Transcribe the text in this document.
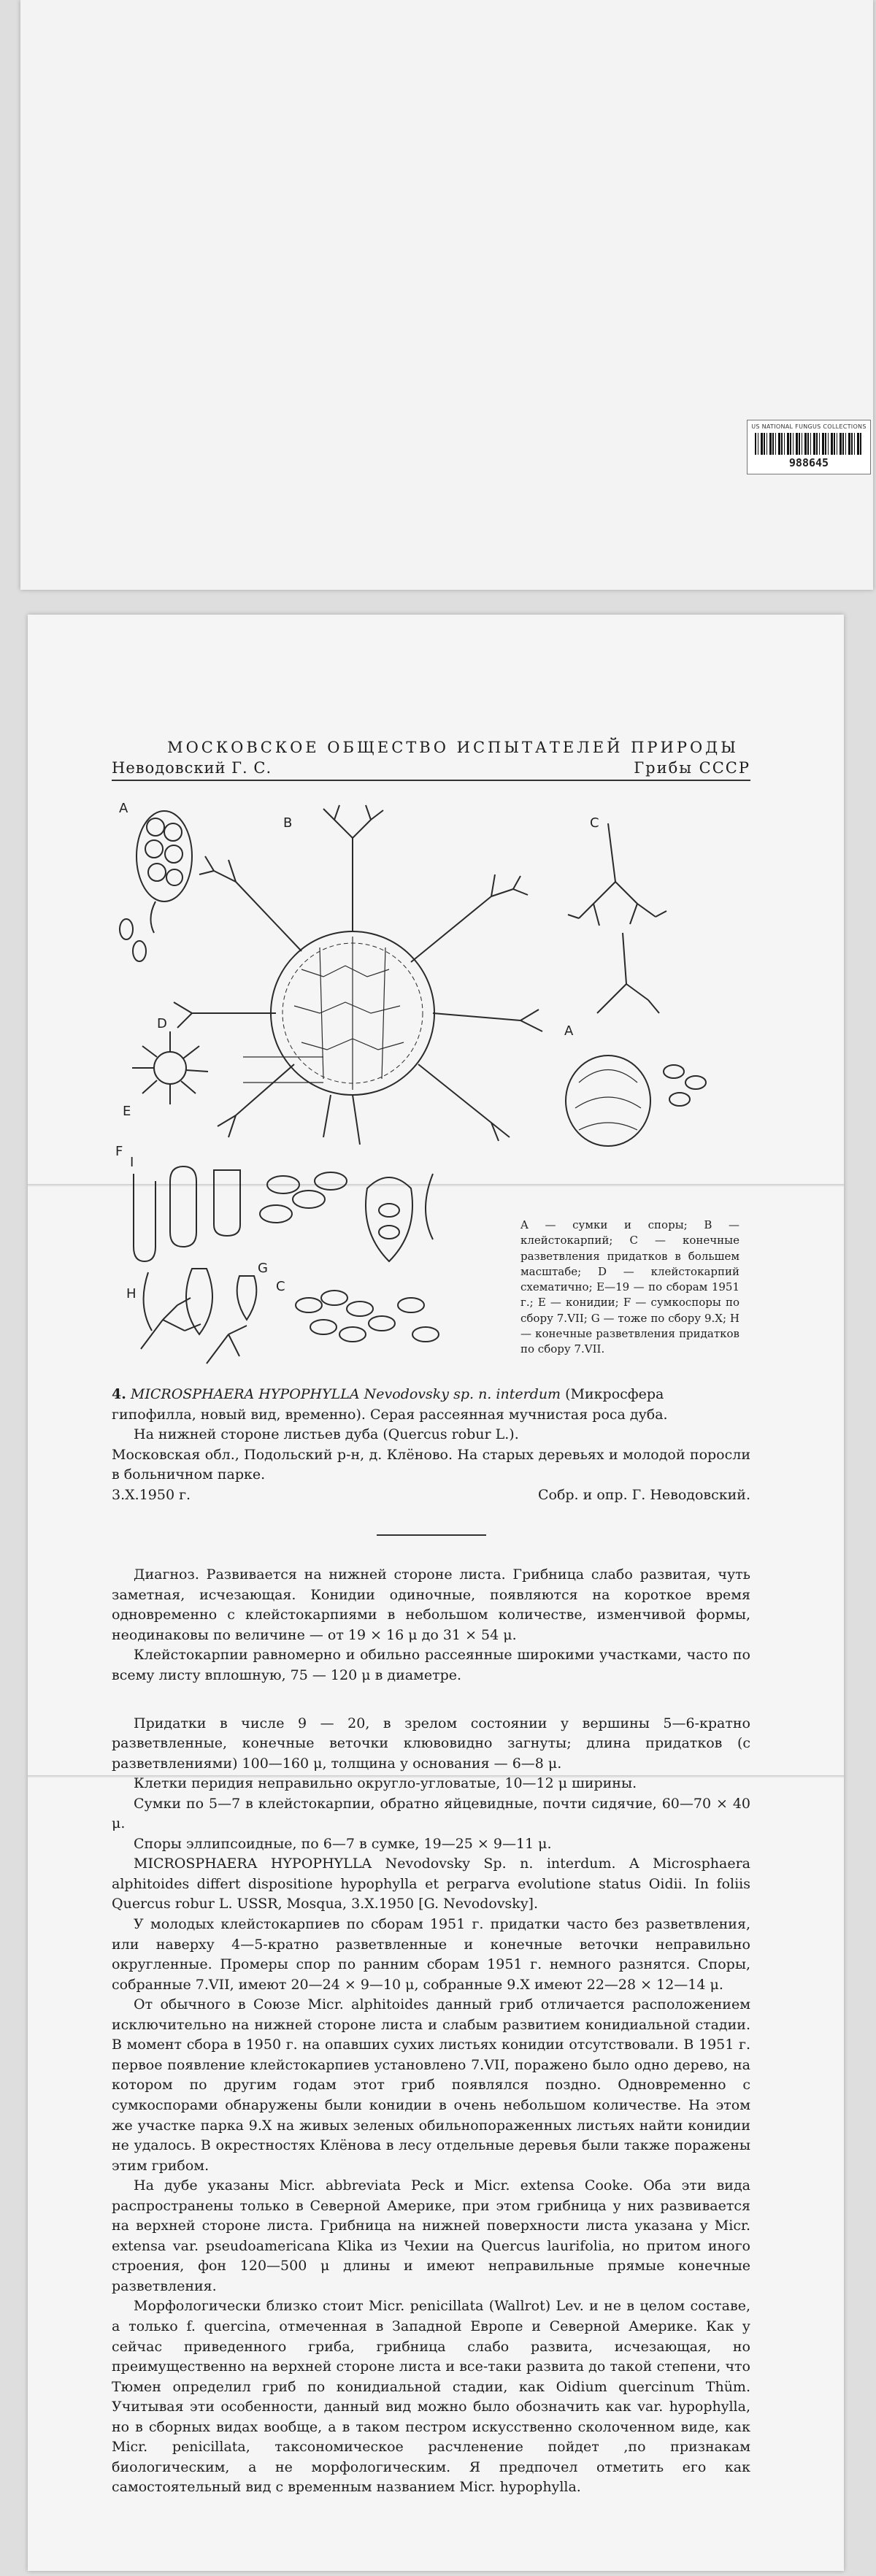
US NATIONAL FUNGUS COLLECTIONS
988645
МОСКОВСКОЕ ОБЩЕСТВО ИСПЫТАТЕЛЕЙ ПРИРОДЫ
Неводовский Г. С.	Грибы СССР
A
B	C
A
D
E
F
I
H
G
C
A — сумки и споры; B — клейстокарпий; C — конечные разветвления придатков в большем масштабе; D — клейстокарпий схематично; E—19 — по сборам 1951 г.; E — конидии; F — сумкоспоры по сбору 7.VII; G — тоже по сбору 9.X; H — конечные разветвления придатков по сбору 7.VII.
4. MICROSPHAERA HYPOPHYLLA Nevodovsky sp. n. interdum (Микросфера гипофилла, новый вид, временно). Серая рассеянная мучнистая роса дуба.

На нижней стороне листьев дуба (Quercus robur L.).

Московская обл., Подольский р-н, д. Клёново. На старых деревьях и молодой поросли в больничном парке.

3.X.1950 г.	Собр. и опр. Г. Неводовский.

Диагноз. Развивается на нижней стороне листа. Грибница слабо развитая, чуть заметная, исчезающая. Конидии одиночные, появляются на короткое время одновременно с клейстокарпиями в небольшом количестве, изменчивой формы, неодинаковы по величине — от 19 × 16 μ до 31 × 54 μ.

Клейстокарпии равномерно и обильно рассеянные широкими участками, часто по всему листу вплошную, 75 — 120 μ в диаметре.

Придатки в числе 9 — 20, в зрелом состоянии у вершины 5—6-кратно разветвленные, конечные веточки клювовидно загнуты; длина придатков (с разветвлениями) 100—160 μ, толщина у основания — 6—8 μ.

Клетки перидия неправильно округло-угловатые, 10—12 μ ширины.

Сумки по 5—7 в клейстокарпии, обратно яйцевидные, почти сидячие, 60—70 × 40 μ.

Споры эллипсоидные, по 6—7 в сумке, 19—25 × 9—11 μ.

MICROSPHAERA HYPOPHYLLA Nevodovsky Sp. n. interdum. A Microsphaera alphitoides differt dispositione hypophylla et perparva evolutione status Oidii. In foliis Quercus robur L. USSR, Mosqua, 3.X.1950 [G. Nevodovsky].

У молодых клейстокарпиев по сборам 1951 г. придатки часто без разветвления, или наверху 4—5-кратно разветвленные и конечные веточки неправильно округленные. Промеры спор по ранним сборам 1951 г. немного разнятся. Споры, собранные 7.VII, имеют 20—24 × 9—10 μ, собранные 9.X имеют 22—28 × 12—14 μ.

От обычного в Союзе Micr. alphitoides данный гриб отличается расположением исключительно на нижней стороне листа и слабым развитием конидиальной стадии. В момент сбора в 1950 г. на опавших сухих листьях конидии отсутствовали. В 1951 г. первое появление клейстокарпиев установлено 7.VII, поражено было одно дерево, на котором по другим годам этот гриб появлялся поздно. Одновременно с сумкоспорами обнаружены были конидии в очень небольшом количестве. На этом же участке парка 9.X на живых зеленых обильнопораженных листьях найти конидии не удалось. В окрестностях Клёнова в лесу отдельные деревья были также поражены этим грибом.

На дубе указаны Micr. abbreviata Peck и Micr. extensa Cooke. Оба эти вида распространены только в Северной Америке, при этом грибница у них развивается на верхней стороне листа. Грибница на нижней поверхности листа указана у Micr. extensa var. pseudoamericana Klika из Чехии на Quercus laurifolia, но притом иного строения, фон 120—500 μ длины и имеют неправильные прямые конечные разветвления.

Морфологически близко стоит Micr. penicillata (Wallrot) Lev. и не в целом составе, а только f. quercina, отмеченная в Западной Европе и Северной Америке. Как у сейчас приведенного гриба, грибница слабо развита, исчезающая, но преимущественно на верхней стороне листа и все-таки развита до такой степени, что Тюмен определил гриб по конидиальной стадии, как Oidium quercinum Thüm. Учитывая эти особенности, данный вид можно было обозначить как var. hypophylla, но в сборных видах вообще, а в таком пестром искусственно сколоченном виде, как Micr. penicillata, таксономическое расчленение пойдет ,по признакам биологическим, а не морфологическим. Я предпочел отметить его как самостоятельный вид с временным названием Micr. hypophylla.
